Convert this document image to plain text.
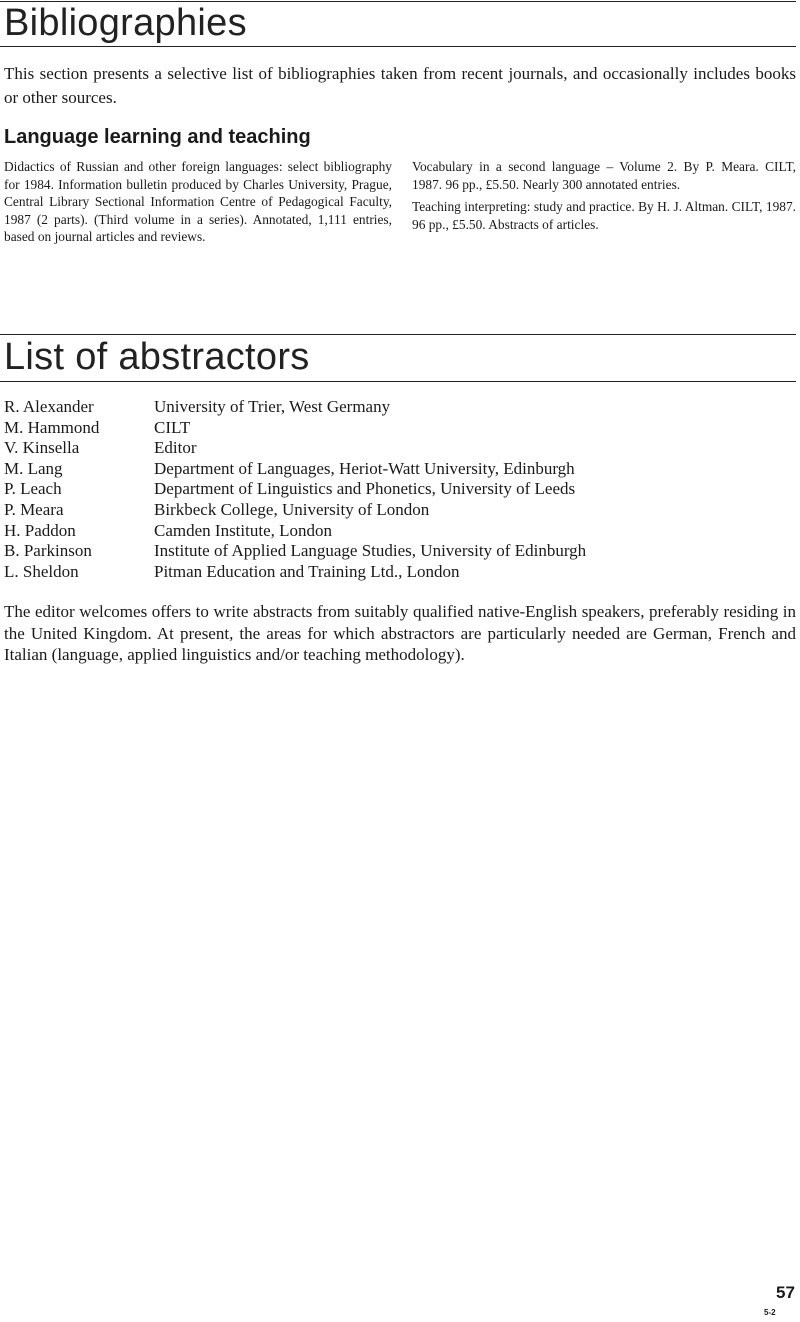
Bibliographies

This section presents a selective list of bibliographies taken from recent journals, and occasionally includes books or other sources.

Language learning and teaching

Didactics of Russian and other foreign languages: select bibliography for 1984. Information bulletin produced by Charles University, Prague, Central Library Sectional Information Centre of Pedagogical Faculty, 1987 (2 parts). (Third volume in a series). Annotated, 1,111 entries, based on journal articles and reviews.

Vocabulary in a second language – Volume 2. By P. Meara. CILT, 1987. 96 pp., £5.50. Nearly 300 annotated entries.

Teaching interpreting: study and practice. By H. J. Altman. CILT, 1987. 96 pp., £5.50. Abstracts of articles.

List of abstractors
R. Alexander	University of Trier, West Germany
M. Hammond	CILT
V. Kinsella	Editor
M. Lang	Department of Languages, Heriot-Watt University, Edinburgh
P. Leach	Department of Linguistics and Phonetics, University of Leeds
P. Meara	Birkbeck College, University of London
H. Paddon	Camden Institute, London
B. Parkinson	Institute of Applied Language Studies, University of Edinburgh
L. Sheldon	Pitman Education and Training Ltd., London

The editor welcomes offers to write abstracts from suitably qualified native-English speakers, preferably residing in the United Kingdom. At present, the areas for which abstractors are particularly needed are German, French and Italian (language, applied linguistics and/or teaching methodology).

57

5-2
